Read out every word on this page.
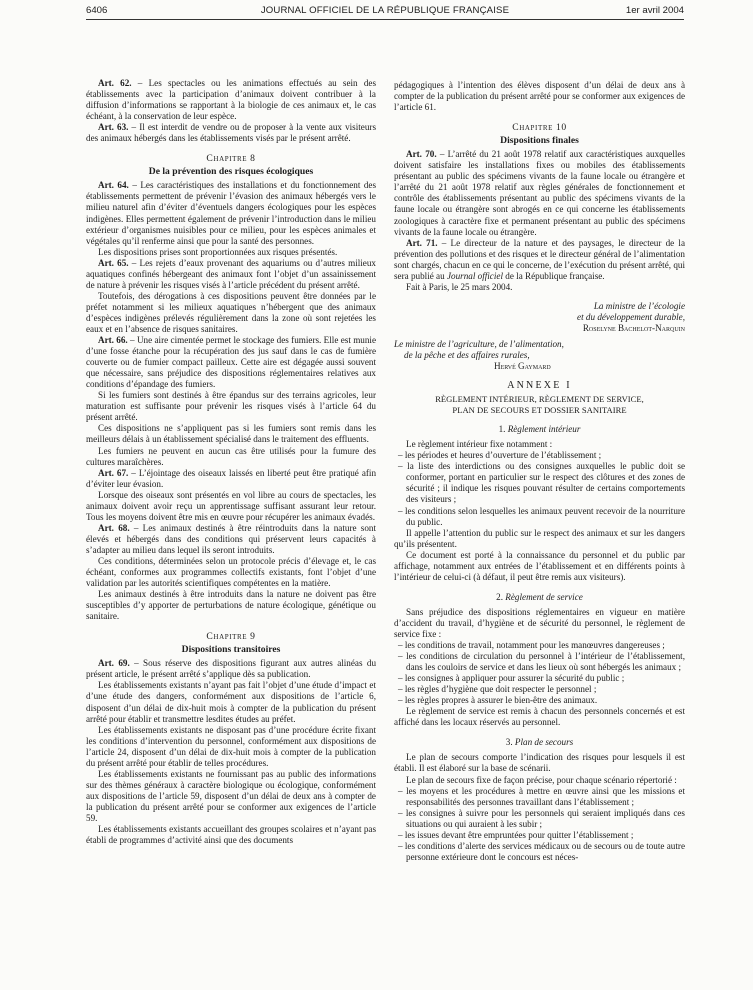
6406	JOURNAL OFFICIEL DE LA RÉPUBLIQUE FRANÇAISE	1er avril 2004

Art. 62. – Les spectacles ou les animations effectués au sein des établissements avec la participation d’animaux doivent contribuer à la diffusion d’informations se rapportant à la biologie de ces animaux et, le cas échéant, à la conservation de leur espèce.

Art. 63. – Il est interdit de vendre ou de proposer à la vente aux visiteurs des animaux hébergés dans les établissements visés par le présent arrêté.

Chapitre 8
De la prévention des risques écologiques

Art. 64. – Les caractéristiques des installations et du fonctionnement des établissements permettent de prévenir l’évasion des animaux hébergés vers le milieu naturel afin d’éviter d’éventuels dangers écologiques pour les espèces indigènes. Elles permettent également de prévenir l’introduction dans le milieu extérieur d’organismes nuisibles pour ce milieu, pour les espèces animales et végétales qu’il renferme ainsi que pour la santé des personnes.

Les dispositions prises sont proportionnées aux risques présentés.

Art. 65. – Les rejets d’eaux provenant des aquariums ou d’autres milieux aquatiques confinés hébergeant des animaux font l’objet d’un assainissement de nature à prévenir les risques visés à l’article précédent du présent arrêté.

Toutefois, des dérogations à ces dispositions peuvent être données par le préfet notamment si les milieux aquatiques n’hébergent que des animaux d’espèces indigènes prélevés régulièrement dans la zone où sont rejetées les eaux et en l’absence de risques sanitaires.

Art. 66. – Une aire cimentée permet le stockage des fumiers. Elle est munie d’une fosse étanche pour la récupération des jus sauf dans le cas de fumière couverte ou de fumier compact pailleux. Cette aire est dégagée aussi souvent que nécessaire, sans préjudice des dispositions réglementaires relatives aux conditions d’épandage des fumiers.

Si les fumiers sont destinés à être épandus sur des terrains agricoles, leur maturation est suffisante pour prévenir les risques visés à l’article 64 du présent arrêté.

Ces dispositions ne s’appliquent pas si les fumiers sont remis dans les meilleurs délais à un établissement spécialisé dans le traitement des effluents.

Les fumiers ne peuvent en aucun cas être utilisés pour la fumure des cultures maraîchères.

Art. 67. – L’éjointage des oiseaux laissés en liberté peut être pratiqué afin d’éviter leur évasion.

Lorsque des oiseaux sont présentés en vol libre au cours de spectacles, les animaux doivent avoir reçu un apprentissage suffisant assurant leur retour. Tous les moyens doivent être mis en œuvre pour récupérer les animaux évadés.

Art. 68. – Les animaux destinés à être réintroduits dans la nature sont élevés et hébergés dans des conditions qui préservent leurs capacités à s’adapter au milieu dans lequel ils seront introduits.

Ces conditions, déterminées selon un protocole précis d’élevage et, le cas échéant, conformes aux programmes collectifs existants, font l’objet d’une validation par les autorités scientifiques compétentes en la matière.

Les animaux destinés à être introduits dans la nature ne doivent pas être susceptibles d’y apporter de perturbations de nature écologique, génétique ou sanitaire.

Chapitre 9
Dispositions transitoires

Art. 69. – Sous réserve des dispositions figurant aux autres alinéas du présent article, le présent arrêté s’applique dès sa publication.

Les établissements existants n’ayant pas fait l’objet d’une étude d’impact et d’une étude des dangers, conformément aux dispositions de l’article 6, disposent d’un délai de dix-huit mois à compter de la publication du présent arrêté pour établir et transmettre lesdites études au préfet.

Les établissements existants ne disposant pas d’une procédure écrite fixant les conditions d’intervention du personnel, conformément aux dispositions de l’article 24, disposent d’un délai de dix-huit mois à compter de la publication du présent arrêté pour établir de telles procédures.

Les établissements existants ne fournissant pas au public des informations sur des thèmes généraux à caractère biologique ou écologique, conformément aux dispositions de l’article 59, disposent d’un délai de deux ans à compter de la publication du présent arrêté pour se conformer aux exigences de l’article 59.

Les établissements existants accueillant des groupes scolaires et n’ayant pas établi de programmes d’activité ainsi que des documents

pédagogiques à l’intention des élèves disposent d’un délai de deux ans à compter de la publication du présent arrêté pour se conformer aux exigences de l’article 61.

Chapitre 10
Dispositions finales

Art. 70. – L’arrêté du 21 août 1978 relatif aux caractéristiques auxquelles doivent satisfaire les installations fixes ou mobiles des établissements présentant au public des spécimens vivants de la faune locale ou étrangère et l’arrêté du 21 août 1978 relatif aux règles générales de fonctionnement et contrôle des établissements présentant au public des spécimens vivants de la faune locale ou étrangère sont abrogés en ce qui concerne les établissements zoologiques à caractère fixe et permanent présentant au public des spécimens vivants de la faune locale ou étrangère.

Art. 71. – Le directeur de la nature et des paysages, le directeur de la prévention des pollutions et des risques et le directeur général de l’alimentation sont chargés, chacun en ce qui le concerne, de l’exécution du présent arrêté, qui sera publié au Journal officiel de la République française.

Fait à Paris, le 25 mars 2004.

La ministre de l’écologie
et du développement durable,
Roselyne Bachelot-Narquin
Le ministre de l’agriculture, de l’alimentation,
de la pêche et des affaires rurales,
Hervé Gaymard
ANNEXE I
RÈGLEMENT INTÉRIEUR, RÈGLEMENT DE SERVICE,
PLAN DE SECOURS ET DOSSIER SANITAIRE
1. Règlement intérieur

Le règlement intérieur fixe notamment :

– les périodes et heures d’ouverture de l’établissement ;
– la liste des interdictions ou des consignes auxquelles le public doit se conformer, portant en particulier sur le respect des clôtures et des zones de sécurité ; il indique les risques pouvant résulter de certains comportements des visiteurs ;
– les conditions selon lesquelles les animaux peuvent recevoir de la nourriture du public.

Il appelle l’attention du public sur le respect des animaux et sur les dangers qu’ils présentent.

Ce document est porté à la connaissance du personnel et du public par affichage, notamment aux entrées de l’établissement et en différents points à l’intérieur de celui-ci (à défaut, il peut être remis aux visiteurs).

2. Règlement de service

Sans préjudice des dispositions réglementaires en vigueur en matière d’accident du travail, d’hygiène et de sécurité du personnel, le règlement de service fixe :

– les conditions de travail, notamment pour les manœuvres dangereuses ;
– les conditions de circulation du personnel à l’intérieur de l’établissement, dans les couloirs de service et dans les lieux où sont hébergés les animaux ;
– les consignes à appliquer pour assurer la sécurité du public ;
– les règles d’hygiène que doit respecter le personnel ;
– les règles propres à assurer le bien-être des animaux.

Le règlement de service est remis à chacun des personnels concernés et est affiché dans les locaux réservés au personnel.

3. Plan de secours

Le plan de secours comporte l’indication des risques pour lesquels il est établi. Il est élaboré sur la base de scénarii.

Le plan de secours fixe de façon précise, pour chaque scénario répertorié :

– les moyens et les procédures à mettre en œuvre ainsi que les missions et responsabilités des personnes travaillant dans l’établissement ;
– les consignes à suivre pour les personnels qui seraient impliqués dans ces situations ou qui auraient à les subir ;
– les issues devant être empruntées pour quitter l’établissement ;
– les conditions d’alerte des services médicaux ou de secours ou de toute autre personne extérieure dont le concours est néces-
